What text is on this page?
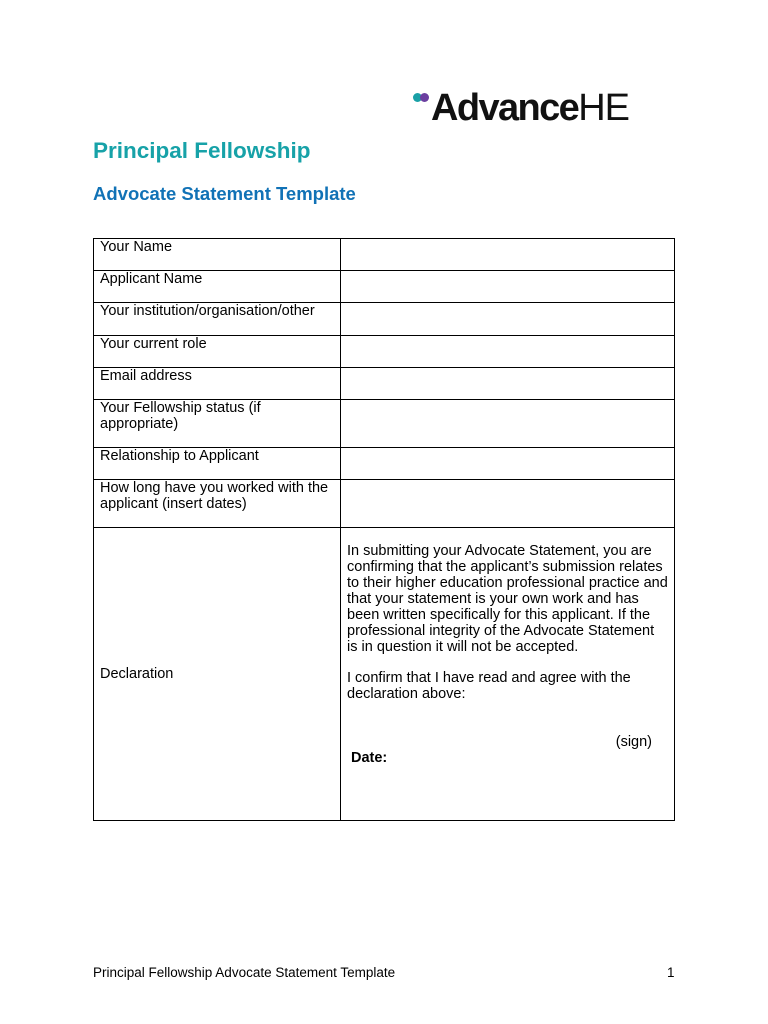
AdvanceHE
Principal Fellowship
Advocate Statement Template
Your Name	
Applicant Name	
Your institution/organisation/other	
Your current role	
Email address	
Your Fellowship status (if appropriate)	
Relationship to Applicant	
How long have you worked with the applicant (insert dates)	
Declaration	In submitting your Advocate Statement, you are confirming that the applicant’s submission relates to their higher education professional practice and that your statement is your own work and has been written specifically for this applicant. If the professional integrity of the Advocate Statement is in question it will not be accepted.

I confirm that I have read and agree with the declaration above:

(sign)

Date:

Principal Fellowship Advocate Statement Template	1
